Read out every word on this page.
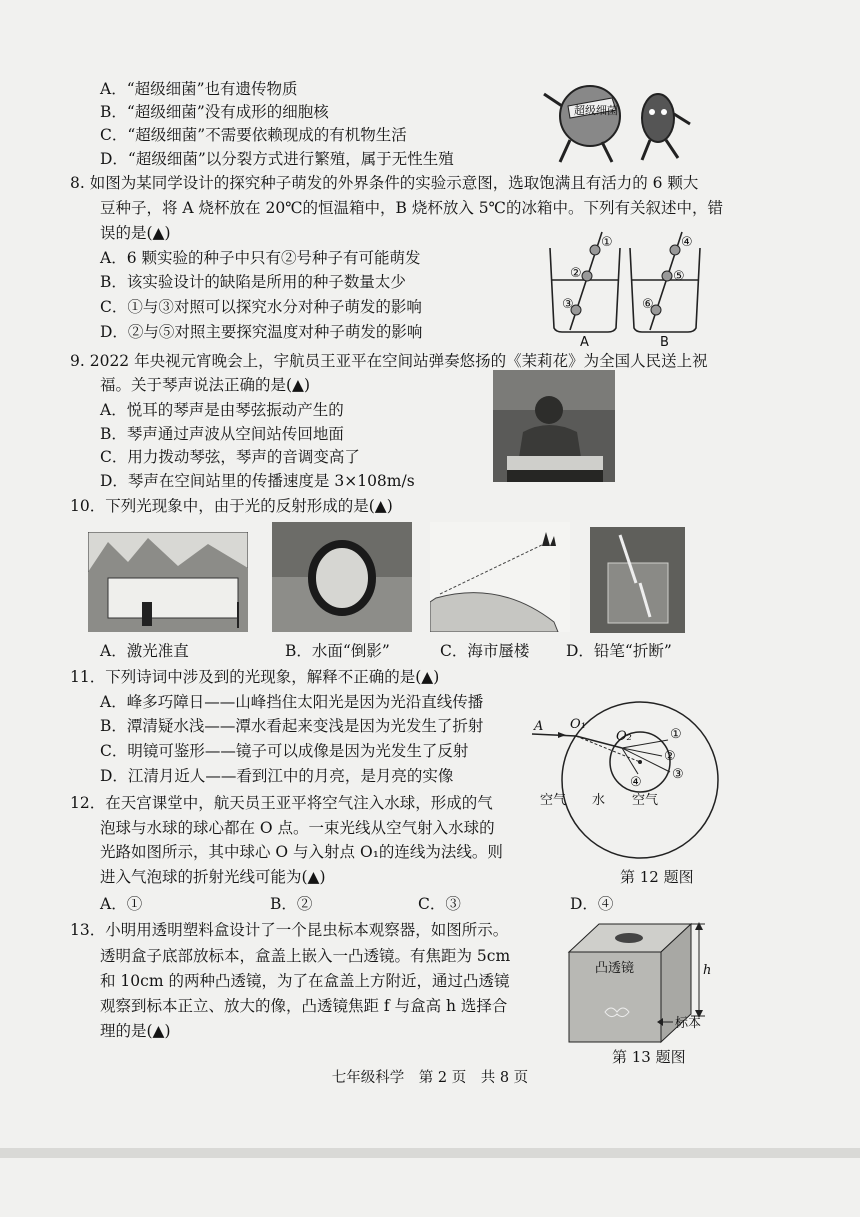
A．“超级细菌”也有遗传物质
B．“超级细菌”没有成形的细胞核
C．“超级细菌”不需要依赖现成的有机物生活
D．“超级细菌”以分裂方式进行繁殖，属于无性生殖
超级细菌
8. 如图为某同学设计的探究种子萌发的外界条件的实验示意图，选取饱满且有活力的 6 颗大
豆种子，将 A 烧杯放在 20℃的恒温箱中，B 烧杯放入 5℃的冰箱中。下列有关叙述中，错
误的是(▲)
A．6 颗实验的种子中只有②号种子有可能萌发
B．该实验设计的缺陷是所用的种子数量太少
C．①与③对照可以探究水分对种子萌发的影响
D．②与⑤对照主要探究温度对种子萌发的影响
①
②
③
④
⑤
⑥
A	B
9. 2022 年央视元宵晚会上，宇航员王亚平在空间站弹奏悠扬的《茉莉花》为全国人民送上祝
福。关于琴声说法正确的是(▲)
A．悦耳的琴声是由琴弦振动产生的
B．琴声通过声波从空间站传回地面
C．用力拨动琴弦，琴声的音调变高了
D．琴声在空间站里的传播速度是 3×108m/s
10．下列光现象中，由于光的反射形成的是(▲)
A．激光准直	B．水面“倒影”	C．海市蜃楼 D．铅笔“折断”
11．下列诗词中涉及到的光现象，解释不正确的是(▲)
A．峰多巧障日——山峰挡住太阳光是因为光沿直线传播
B．潭清疑水浅——潭水看起来变浅是因为光发生了折射
C．明镜可鉴形——镜子可以成像是因为光发生了反射
D．江清月近人——看到江中的月亮，是月亮的实像
A O₁
O₂	①
②
③
④
空气 水 空气
第 12 题图
12．在天宫课堂中，航天员王亚平将空气注入水球，形成的气
泡球与水球的球心都在 O 点。一束光线从空气射入水球的
光路如图所示，其中球心 O 与入射点 O₁的连线为法线。则
进入气泡球的折射光线可能为(▲)
A．①	B．②	C．③	D．④
13．小明用透明塑料盒设计了一个昆虫标本观察器，如图所示。
透明盒子底部放标本，盒盖上嵌入一凸透镜。有焦距为 5cm
和 10cm 的两种凸透镜，为了在盒盖上方附近，通过凸透镜
观察到标本正立、放大的像，凸透镜焦距 f 与盒高 h 选择合
理的是(▲)
凸透镜	h
标本
第 13 题图
七年级科学　第 2 页　共 8 页
